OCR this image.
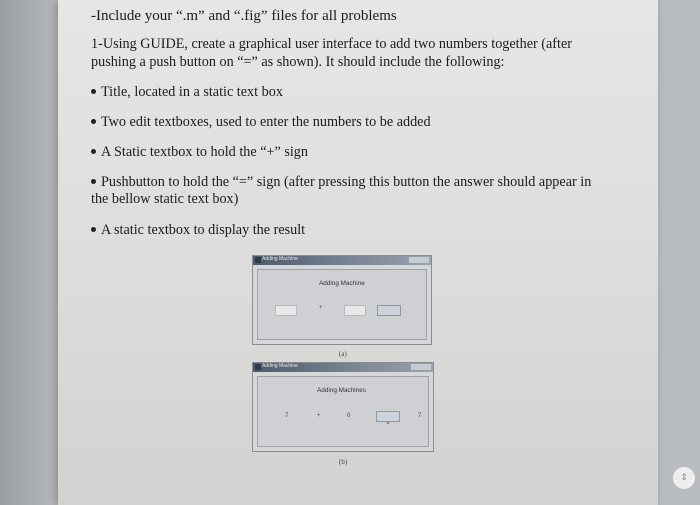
-Include your “.m” and “.fig” files for all problems
1-Using GUIDE, create a graphical user interface to add two numbers together (after
pushing a push button on “=” as shown). It should include the following:
Title, located in a static text box
Two edit textboxes, used to enter the numbers to be added
A Static textbox to hold the “+” sign
Pushbutton to hold the “=” sign (after pressing this button the answer should appear in
the bellow static text box)
A static textbox to display the result
Adding Machine
Adding Machine
+
(a)
Adding Machine
Adding Machines
7	+	0
=
7
(b)
⇕
